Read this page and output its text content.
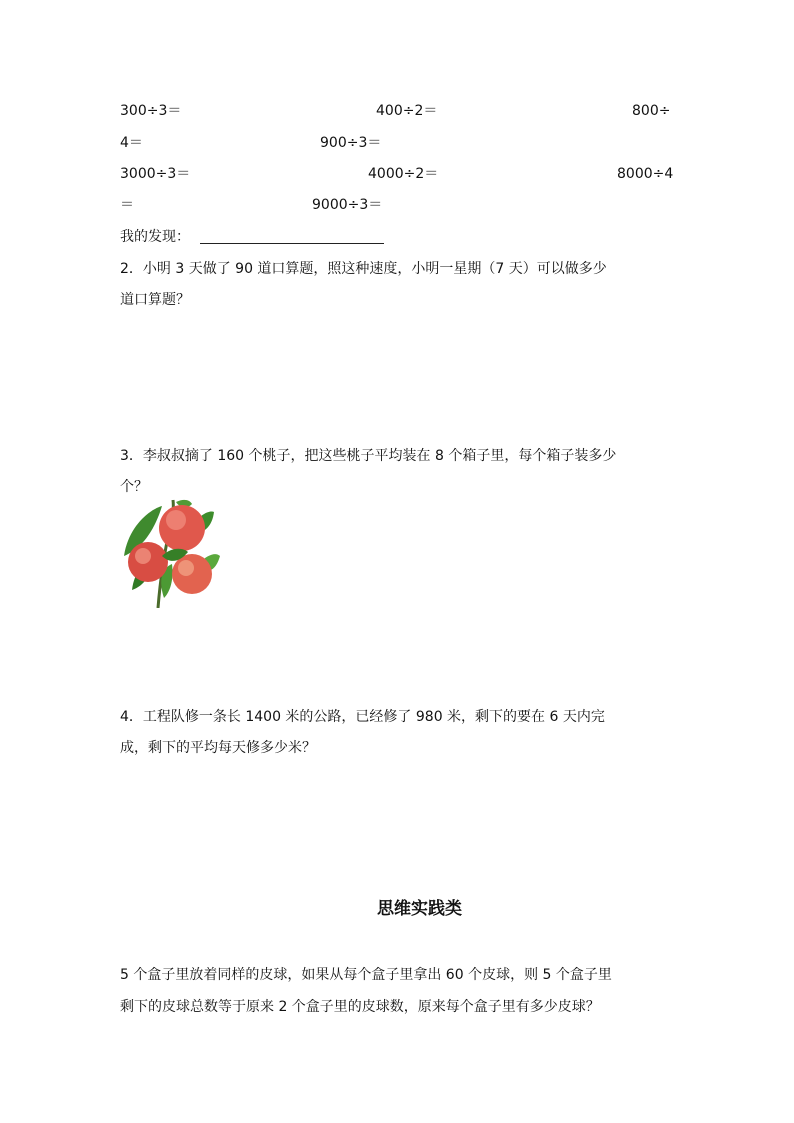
300÷3＝	400÷2＝	800÷
4＝	900÷3＝
3000÷3＝	4000÷2＝	8000÷4
＝	9000÷3＝
我的发现：
2．小明 3 天做了 90 道口算题，照这种速度，小明一星期（7 天）可以做多少
道口算题？
3．李叔叔摘了 160 个桃子，把这些桃子平均装在 8 个箱子里，每个箱子装多少
个？
4．工程队修一条长 1400 米的公路，已经修了 980 米，剩下的要在 6 天内完
成，剩下的平均每天修多少米？
思维实践类
5 个盒子里放着同样的皮球，如果从每个盒子里拿出 60 个皮球，则 5 个盒子里
剩下的皮球总数等于原来 2 个盒子里的皮球数，原来每个盒子里有多少皮球？
